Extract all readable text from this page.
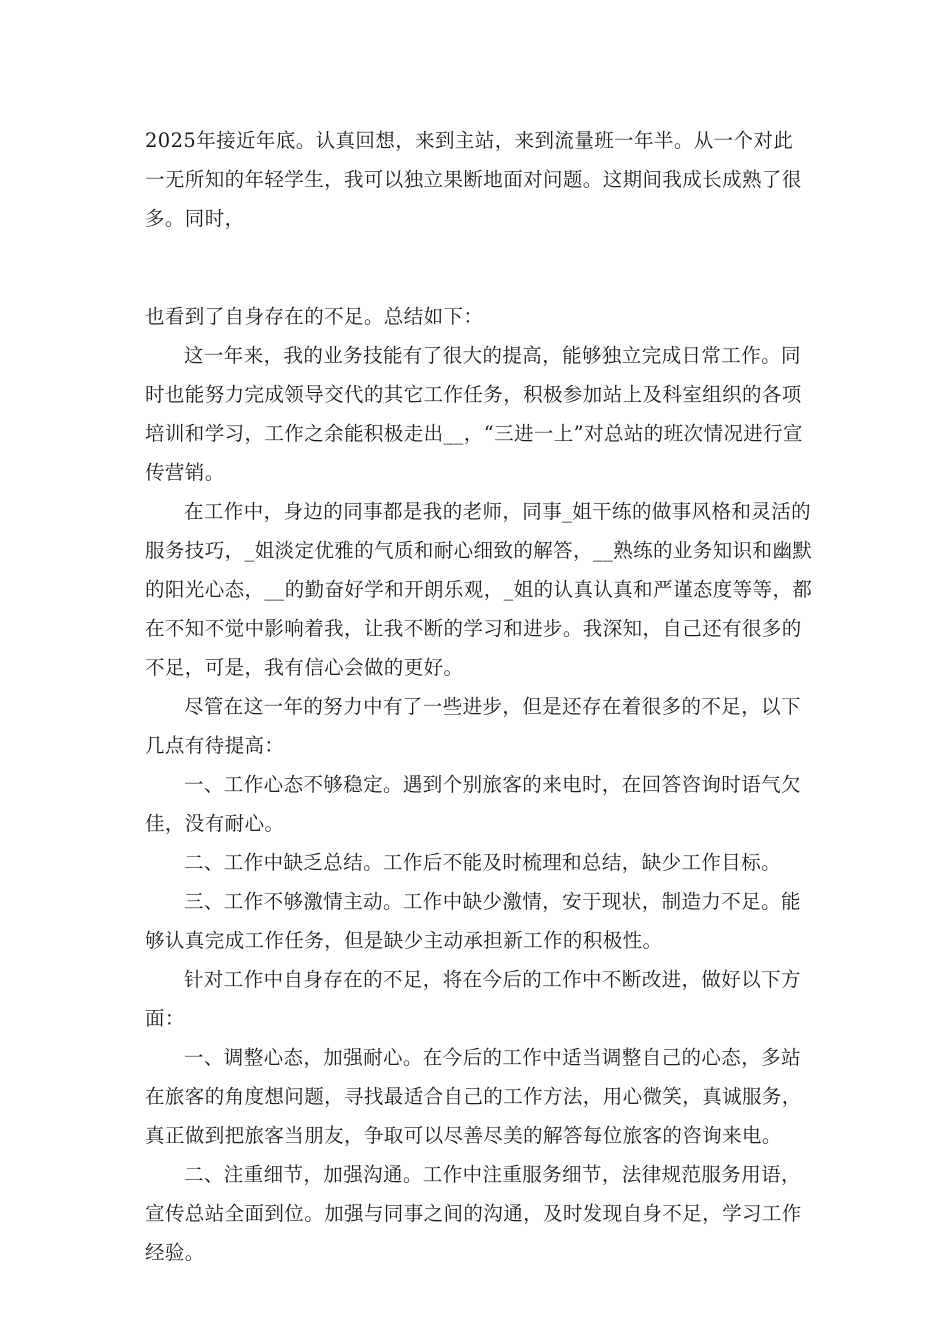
2025年接近年底。认真回想，来到主站，来到流量班一年半。从一个对此一无所知的年轻学生，我可以独立果断地面对问题。这期间我成长成熟了很多。同时，

也看到了自身存在的不足。总结如下：

这一年来，我的业务技能有了很大的提高，能够独立完成日常工作。同时也能努力完成领导交代的其它工作任务，积极参加站上及科室组织的各项培训和学习，工作之余能积极走出__，“三进一上”对总站的班次情况进行宣传营销。

在工作中，身边的同事都是我的老师，同事_姐干练的做事风格和灵活的服务技巧，_姐淡定优雅的气质和耐心细致的解答，__熟练的业务知识和幽默的阳光心态，__的勤奋好学和开朗乐观，_姐的认真认真和严谨态度等等，都在不知不觉中影响着我，让我不断的学习和进步。我深知，自己还有很多的不足，可是，我有信心会做的更好。

尽管在这一年的努力中有了一些进步，但是还存在着很多的不足，以下几点有待提高：

一、工作心态不够稳定。遇到个别旅客的来电时，在回答咨询时语气欠佳，没有耐心。

二、工作中缺乏总结。工作后不能及时梳理和总结，缺少工作目标。

三、工作不够激情主动。工作中缺少激情，安于现状，制造力不足。能够认真完成工作任务，但是缺少主动承担新工作的积极性。

针对工作中自身存在的不足，将在今后的工作中不断改进，做好以下方面：

一、调整心态，加强耐心。在今后的工作中适当调整自己的心态，多站在旅客的角度想问题，寻找最适合自己的工作方法，用心微笑，真诚服务，真正做到把旅客当朋友，争取可以尽善尽美的解答每位旅客的咨询来电。

二、注重细节，加强沟通。工作中注重服务细节，法律规范服务用语，宣传总站全面到位。加强与同事之间的沟通，及时发现自身不足，学习工作经验。
